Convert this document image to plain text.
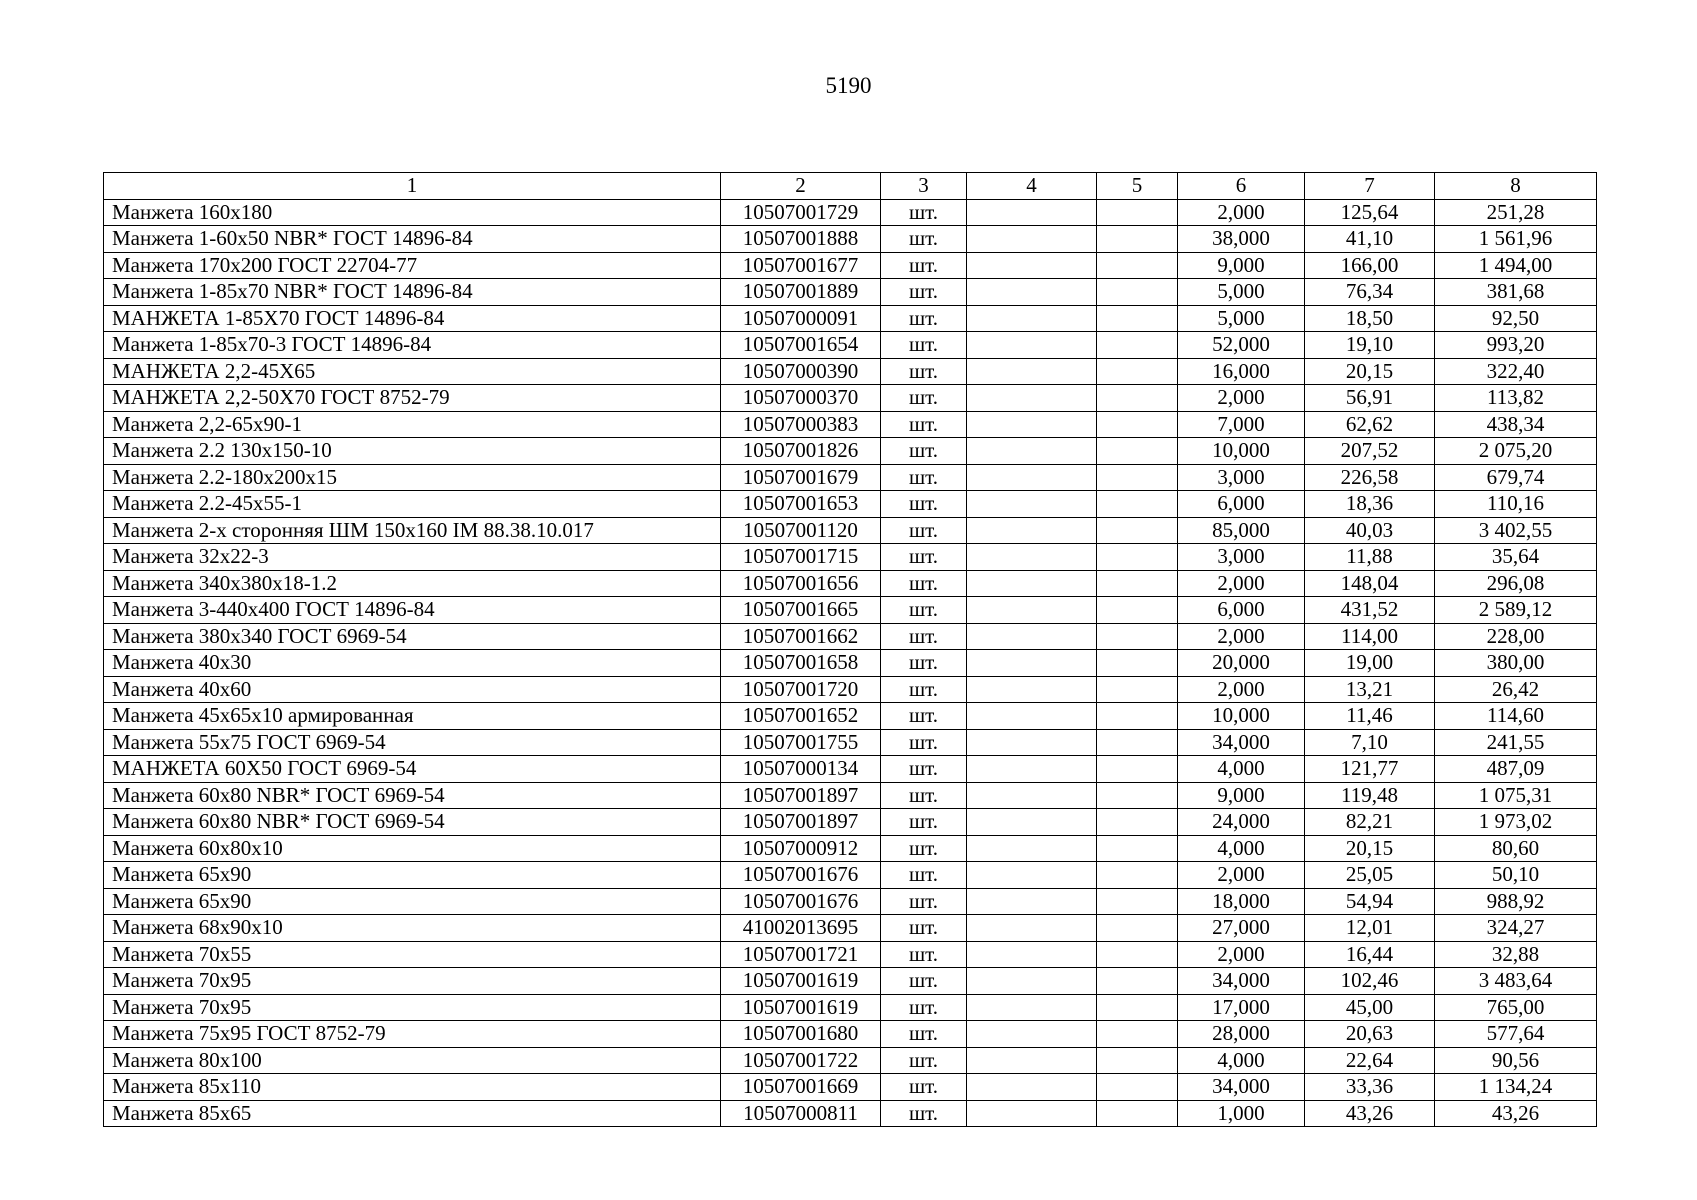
5190
1	2	3	4	5	6	7	8
Манжета 160х180	10507001729	шт.			2,000	125,64	251,28
Манжета 1-60х50 NBR* ГОСТ 14896-84	10507001888	шт.			38,000	41,10	1 561,96
Манжета 170х200 ГОСТ 22704-77	10507001677	шт.			9,000	166,00	1 494,00
Манжета 1-85х70 NBR* ГОСТ 14896-84	10507001889	шт.			5,000	76,34	381,68
МАНЖЕТА 1-85Х70 ГОСТ 14896-84	10507000091	шт.			5,000	18,50	92,50
Манжета 1-85х70-3 ГОСТ 14896-84	10507001654	шт.			52,000	19,10	993,20
МАНЖЕТА 2,2-45Х65	10507000390	шт.			16,000	20,15	322,40
МАНЖЕТА 2,2-50Х70 ГОСТ 8752-79	10507000370	шт.			2,000	56,91	113,82
Манжета 2,2-65х90-1	10507000383	шт.			7,000	62,62	438,34
Манжета 2.2 130х150-10	10507001826	шт.			10,000	207,52	2 075,20
Манжета 2.2-180х200х15	10507001679	шт.			3,000	226,58	679,74
Манжета 2.2-45х55-1	10507001653	шт.			6,000	18,36	110,16
Манжета 2-х сторонняя ШМ 150х160 IM 88.38.10.017	10507001120	шт.			85,000	40,03	3 402,55
Манжета 32х22-3	10507001715	шт.			3,000	11,88	35,64
Манжета 340х380х18-1.2	10507001656	шт.			2,000	148,04	296,08
Манжета 3-440х400 ГОСТ 14896-84	10507001665	шт.			6,000	431,52	2 589,12
Манжета 380х340 ГОСТ 6969-54	10507001662	шт.			2,000	114,00	228,00
Манжета 40х30	10507001658	шт.			20,000	19,00	380,00
Манжета 40х60	10507001720	шт.			2,000	13,21	26,42
Манжета 45х65х10 армированная	10507001652	шт.			10,000	11,46	114,60
Манжета 55х75 ГОСТ 6969-54	10507001755	шт.			34,000	7,10	241,55
МАНЖЕТА 60Х50 ГОСТ 6969-54	10507000134	шт.			4,000	121,77	487,09
Манжета 60х80 NBR* ГОСТ 6969-54	10507001897	шт.			9,000	119,48	1 075,31
Манжета 60х80 NBR* ГОСТ 6969-54	10507001897	шт.			24,000	82,21	1 973,02
Манжета 60х80х10	10507000912	шт.			4,000	20,15	80,60
Манжета 65х90	10507001676	шт.			2,000	25,05	50,10
Манжета 65х90	10507001676	шт.			18,000	54,94	988,92
Манжета 68х90х10	41002013695	шт.			27,000	12,01	324,27
Манжета 70х55	10507001721	шт.			2,000	16,44	32,88
Манжета 70х95	10507001619	шт.			34,000	102,46	3 483,64
Манжета 70х95	10507001619	шт.			17,000	45,00	765,00
Манжета 75х95 ГОСТ 8752-79	10507001680	шт.			28,000	20,63	577,64
Манжета 80х100	10507001722	шт.			4,000	22,64	90,56
Манжета 85х110	10507001669	шт.			34,000	33,36	1 134,24
Манжета 85х65	10507000811	шт.			1,000	43,26	43,26
